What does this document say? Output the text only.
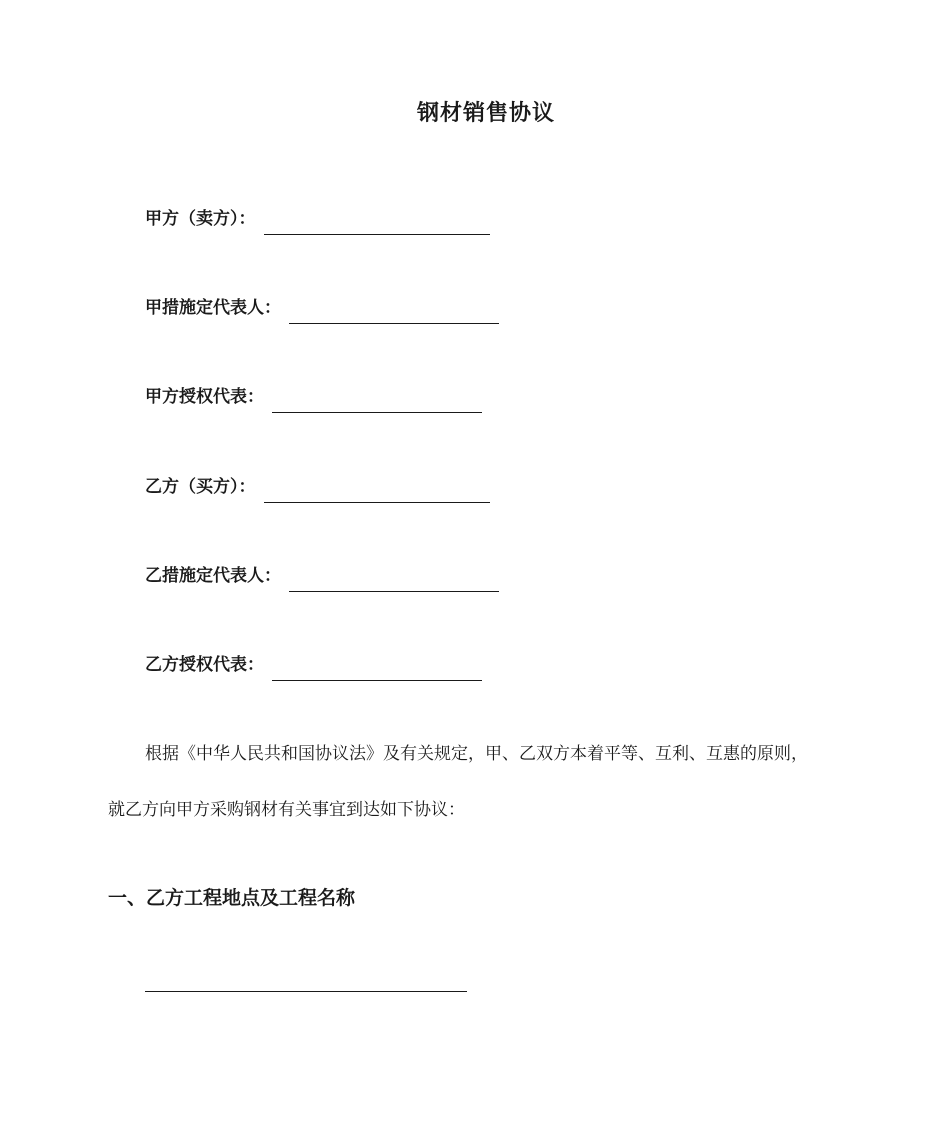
钢材销售协议
甲方（卖方）：
甲措施定代表人：
甲方授权代表：
乙方（买方）：
乙措施定代表人：
乙方授权代表：
根据《中华人民共和国协议法》及有关规定，甲、乙双方本着平等、互利、互惠的原则，
就乙方向甲方采购钢材有关事宜到达如下协议：
一、乙方工程地点及工程名称
